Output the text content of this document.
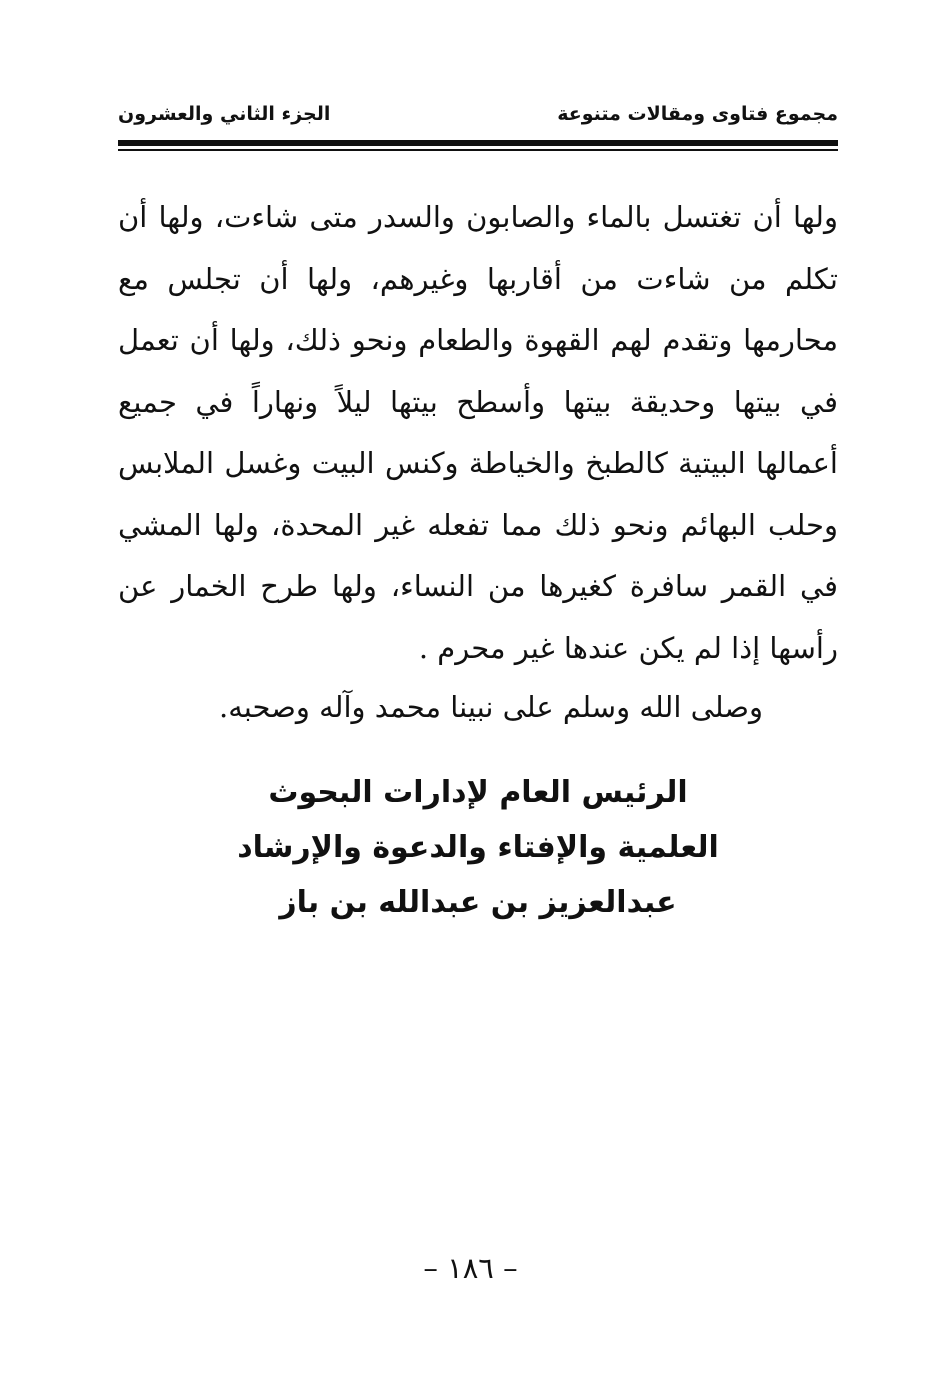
مجموع فتاوى ومقالات متنوعة
الجزء الثاني والعشرون

ولها أن تغتسل بالماء والصابون والسدر متى شاءت، ولها أن تكلم من شاءت من أقاربها وغيرهم، ولها أن تجلس مع محارمها وتقدم لهم القهوة والطعام ونحو ذلك، ولها أن تعمل في بيتها وحديقة بيتها وأسطح بيتها ليلاً ونهاراً في جميع أعمالها البيتية كالطبخ والخياطة وكنس البيت وغسل الملابس وحلب البهائم ونحو ذلك مما تفعله غير المحدة، ولها المشي في القمر سافرة كغيرها من النساء، ولها طرح الخمار عن رأسها إذا لم يكن عندها غير محرم .

وصلى الله وسلم على نبينا محمد وآله وصحبه.

الرئيس العام لإدارات البحوث
العلمية والإفتاء والدعوة والإرشاد
عبدالعزيز بن عبدالله بن باز
– ١٨٦ –
